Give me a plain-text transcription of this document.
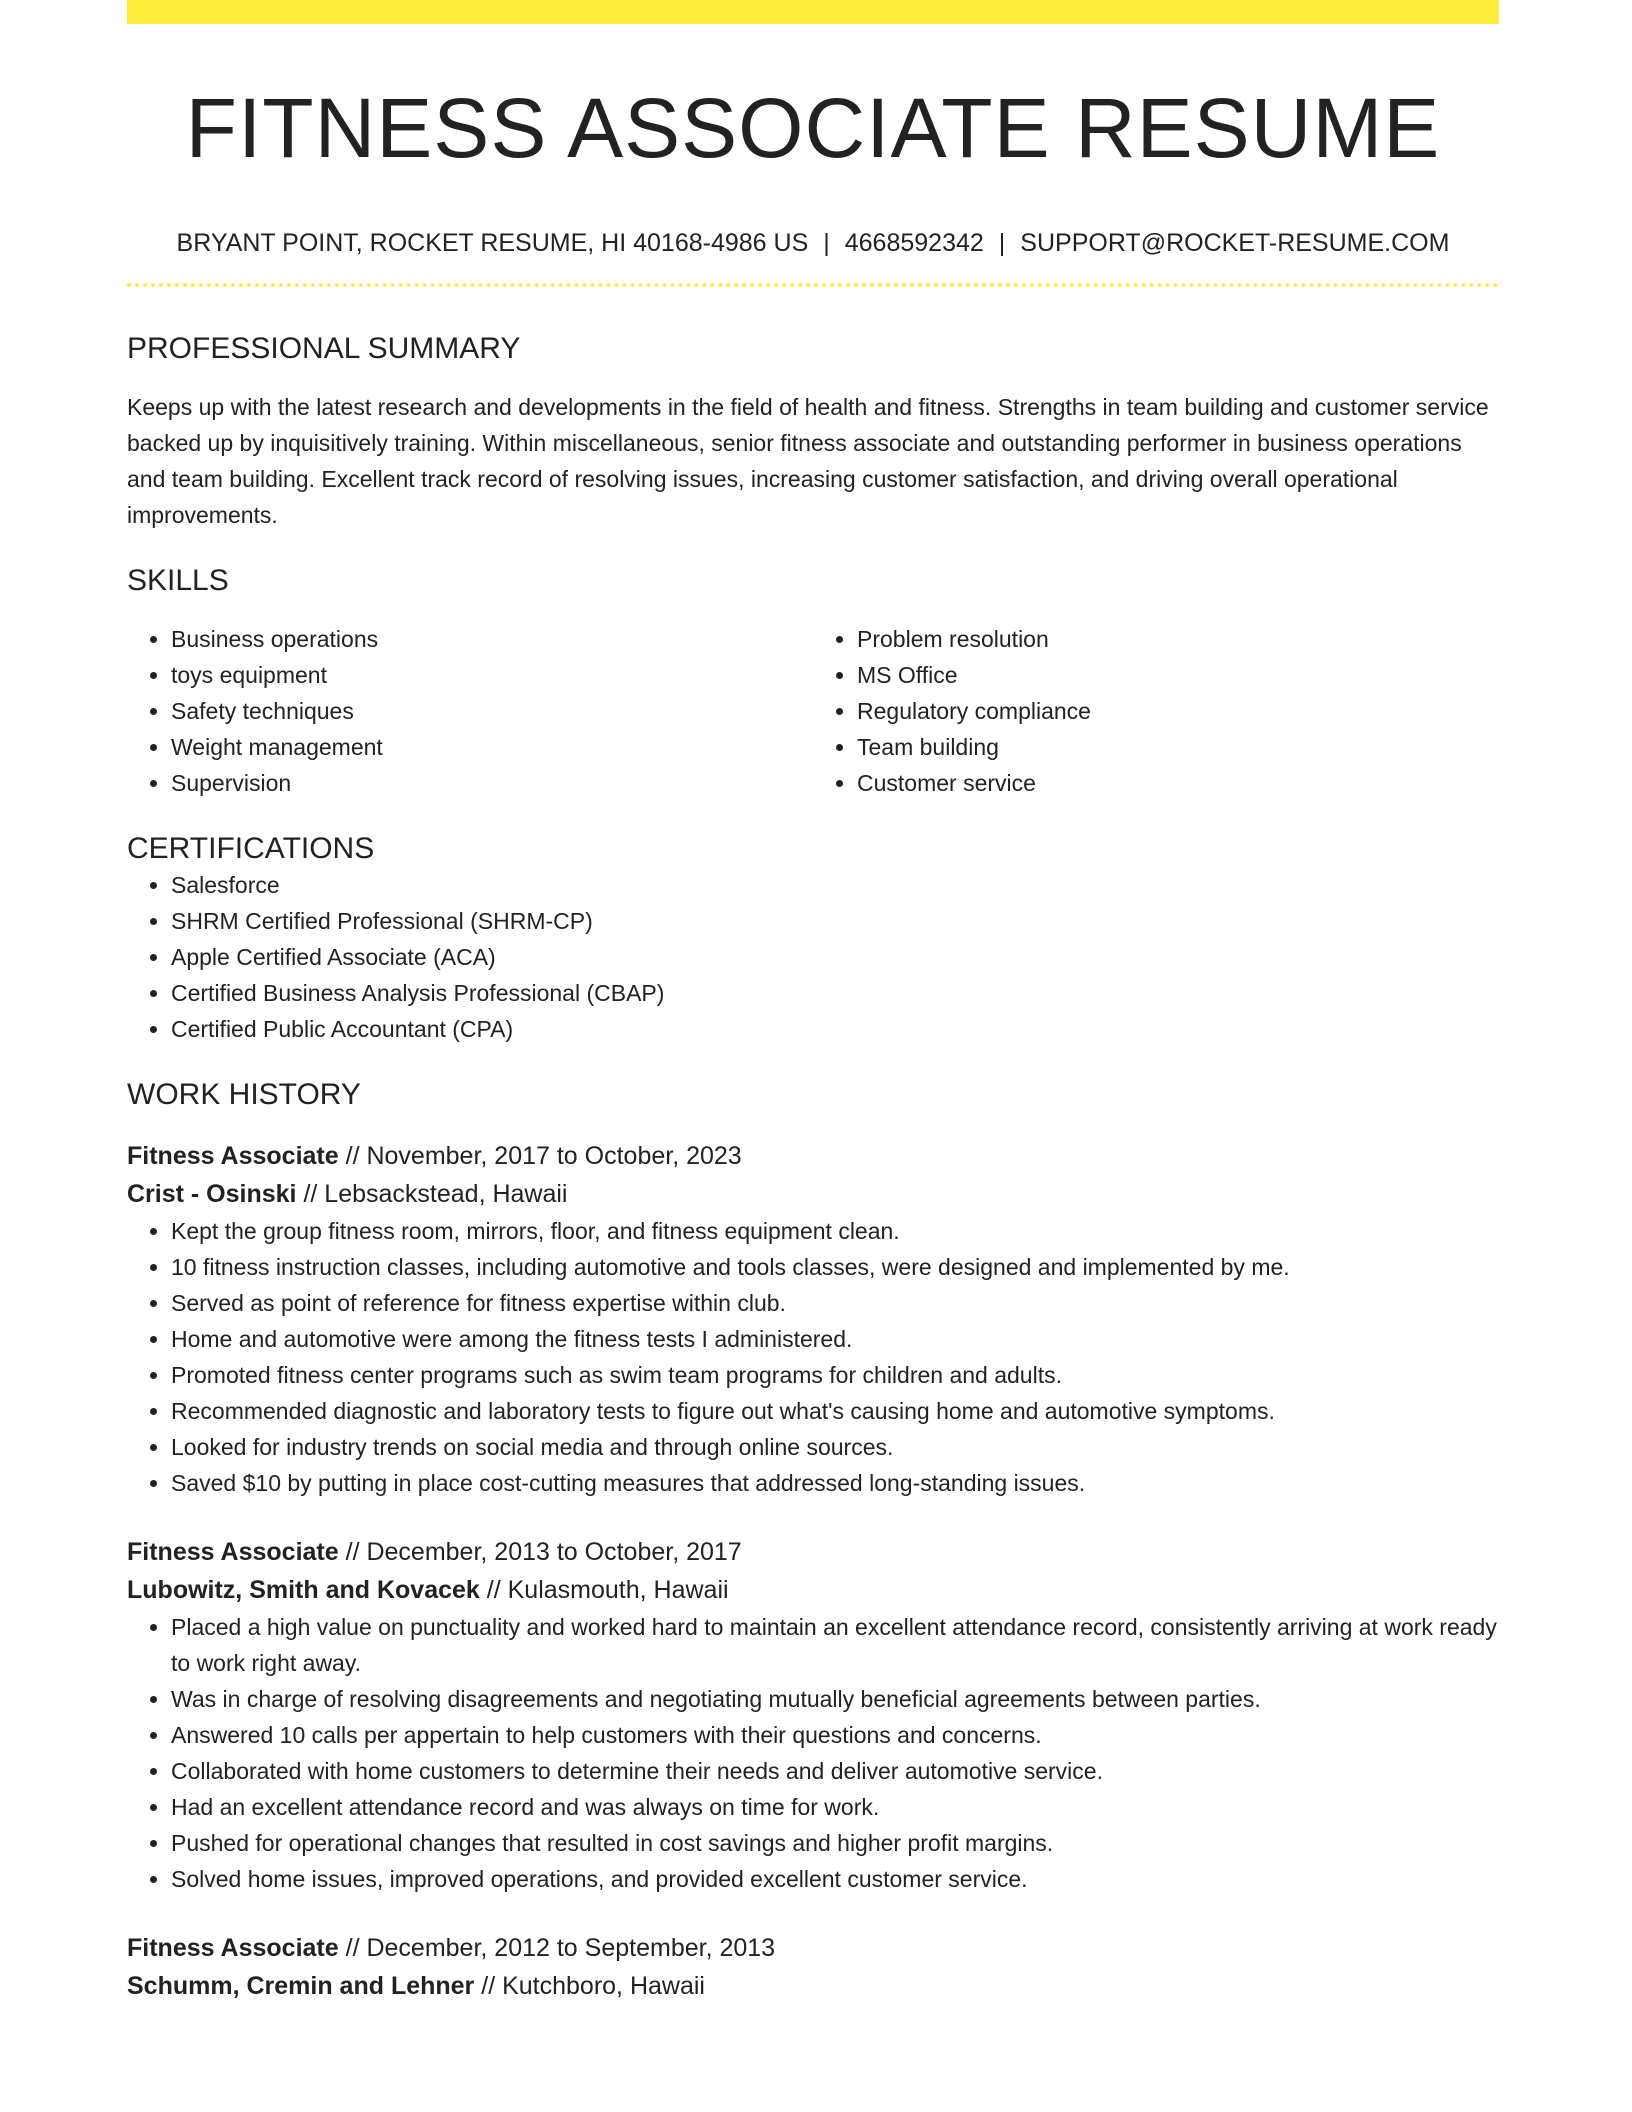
FITNESS ASSOCIATE RESUME
BRYANT POINT, ROCKET RESUME, HI 40168-4986 US | 4668592342 | SUPPORT@ROCKET-RESUME.COM
PROFESSIONAL SUMMARY
Keeps up with the latest research and developments in the field of health and fitness. Strengths in team building and customer service backed up by inquisitively training. Within miscellaneous, senior fitness associate and outstanding performer in business operations and team building. Excellent track record of resolving issues, increasing customer satisfaction, and driving overall operational improvements.
SKILLS
• Business operations
• toys equipment
• Safety techniques
• Weight management
• Supervision
• Problem resolution
• MS Office
• Regulatory compliance
• Team building
• Customer service
CERTIFICATIONS
• Salesforce
• SHRM Certified Professional (SHRM-CP)
• Apple Certified Associate (ACA)
• Certified Business Analysis Professional (CBAP)
• Certified Public Accountant (CPA)
WORK HISTORY
Fitness Associate // November, 2017 to October, 2023
Crist - Osinski // Lebsackstead, Hawaii
• Kept the group fitness room, mirrors, floor, and fitness equipment clean.
• 10 fitness instruction classes, including automotive and tools classes, were designed and implemented by me.
• Served as point of reference for fitness expertise within club.
• Home and automotive were among the fitness tests I administered.
• Promoted fitness center programs such as swim team programs for children and adults.
• Recommended diagnostic and laboratory tests to figure out what's causing home and automotive symptoms.
• Looked for industry trends on social media and through online sources.
• Saved $10 by putting in place cost-cutting measures that addressed long-standing issues.
Fitness Associate // December, 2013 to October, 2017
Lubowitz, Smith and Kovacek // Kulasmouth, Hawaii
• Placed a high value on punctuality and worked hard to maintain an excellent attendance record, consistently arriving at work ready to work right away.
• Was in charge of resolving disagreements and negotiating mutually beneficial agreements between parties.
• Answered 10 calls per appertain to help customers with their questions and concerns.
• Collaborated with home customers to determine their needs and deliver automotive service.
• Had an excellent attendance record and was always on time for work.
• Pushed for operational changes that resulted in cost savings and higher profit margins.
• Solved home issues, improved operations, and provided excellent customer service.
Fitness Associate // December, 2012 to September, 2013
Schumm, Cremin and Lehner // Kutchboro, Hawaii
